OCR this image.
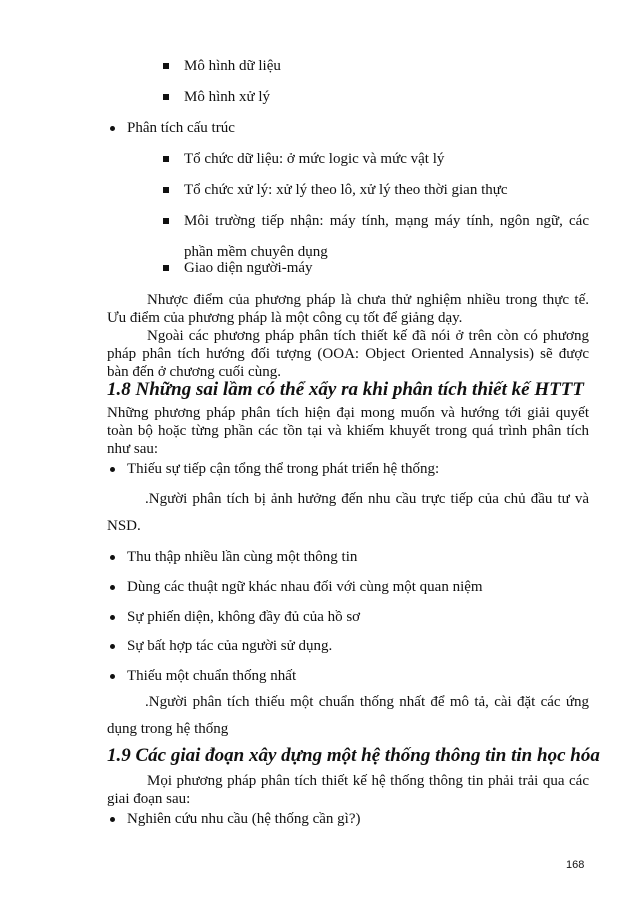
Mô hình dữ liệu
Mô hình xử lý
Phân tích cấu trúc
Tổ chức dữ liệu: ở mức logic và mức vật lý
Tổ chức xử lý: xử lý theo lô, xử lý theo thời gian thực
Môi trường tiếp nhận: máy tính, mạng máy tính, ngôn ngữ, các
phần mềm chuyên dụng
Giao diện người-máy
Nhược điểm của phương pháp là chưa thử nghiệm nhiều trong thực tế.
Ưu điểm của phương pháp là một công cụ tốt để giảng dạy.
Ngoài các phương pháp phân tích thiết kế đã nói ở trên còn có phương
pháp phân tích hướng đối tượng (OOA: Object Oriented Annalysis) sẽ được
bàn đến ở chương cuối cùng.
1.8 Những sai lầm có thể xẩy ra khi phân tích thiết kế HTTT
Những phương pháp phân tích hiện đại mong muốn và hướng tới giải quyết
toàn bộ hoặc từng phần các tồn tại và khiếm khuyết trong quá trình phân tích
như sau:
Thiếu sự tiếp cận tổng thể trong phát triển hệ thống:
.Người phân tích bị ảnh hưởng đến nhu cầu trực tiếp của chủ đầu tư và
NSD.
Thu thập nhiều lần cùng một thông tin
Dùng các thuật ngữ khác nhau đối với cùng một quan niệm
Sự phiến diện, không đầy đủ của hồ sơ
Sự bất hợp tác của người sử dụng.
Thiếu một chuẩn thống nhất
.Người phân tích thiếu một chuẩn thống nhất để mô tả, cài đặt các ứng
dụng trong hệ thống
1.9 Các giai đoạn xây dựng một hệ thống thông tin tin học hóa
Mọi phương pháp phân tích thiết kế hệ thống thông tin phải trải qua các
giai đoạn sau:
Nghiên cứu nhu cầu (hệ thống cần gì?)
168
